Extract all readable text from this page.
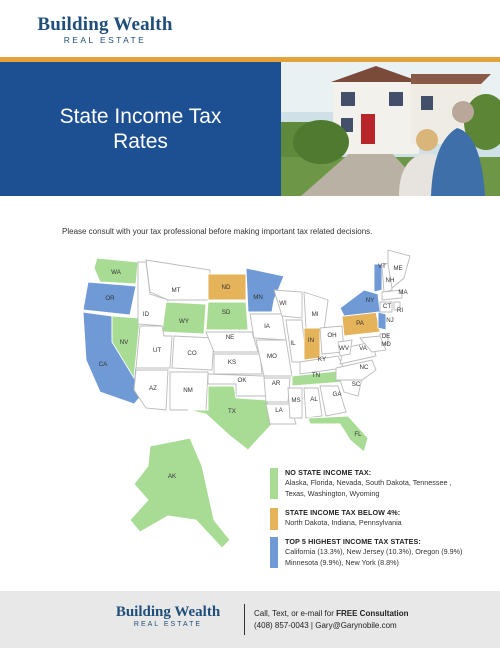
Building Wealth
REAL ESTATE
State Income Tax Rates
Please consult with your tax professional before making important tax related decisions.
WA
OR
CA
NV
ID
MT
WY
UT
AZ
CO
NM
ND
SD
NE
KS
OK
TX
MN
IA
MO
AR
LA
WI
IL
MI
IN
OH
KY
TN
MS AL
GA
FL
SC
NC
VA
WV
PA
NY
VT
NH
ME
MA
RI
CT
NJ
DE
MD
AK	NO STATE INCOME TAX:
Alaska, Florida, Nevada, South Dakota, Tennessee ,
Texas, Washington, Wyoming
STATE INCOME TAX BELOW 4%:
North Dakota, Indiana, Pennsylvania
TOP 5 HIGHEST INCOME TAX STATES:
California (13.3%), New Jersey (10.3%), Oregon (9.9%)
Minnesota (9.9%), New York (8.8%)
Building Wealth
REAL ESTATE
Call, Text, or e-mail for FREE Consultation
(408) 857-0043 | Gary@Garynobile.com
